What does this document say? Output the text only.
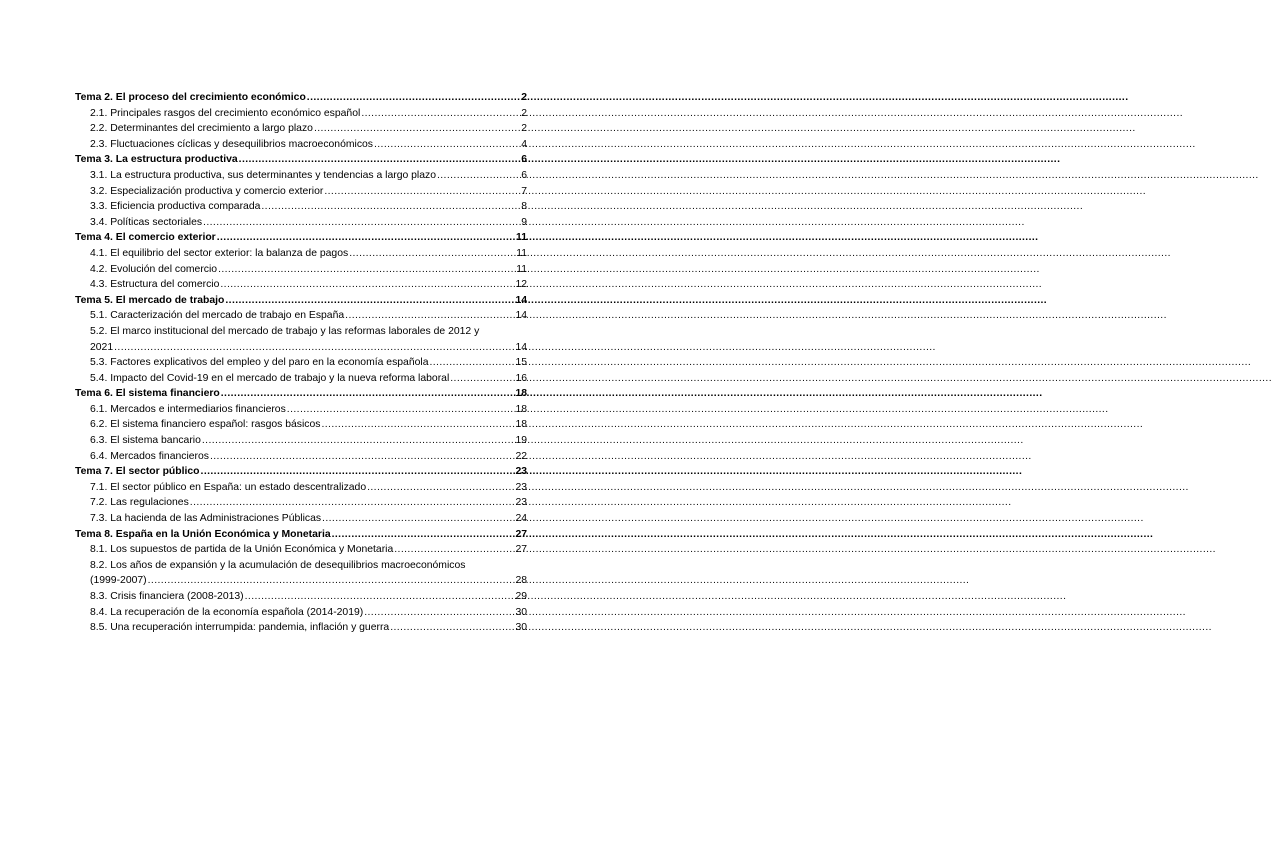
Tema 2. El proceso del crecimiento económico .....	2
2.1. Principales rasgos del crecimiento económico español .....	2
2.2. Determinantes del crecimiento a largo plazo .....	2
2.3. Fluctuaciones cíclicas y desequilibrios macroeconómicos .....	4
Tema 3. La estructura productiva .....	6
3.1. La estructura productiva, sus determinantes y tendencias a largo plazo .....	6
3.2. Especialización productiva y comercio exterior .....	7
3.3. Eficiencia productiva comparada .....	8
3.4. Políticas sectoriales .....	9
Tema 4. El comercio exterior .....	11
4.1. El equilibrio del sector exterior: la balanza de pagos .....	11
4.2. Evolución del comercio .....	11
4.3. Estructura del comercio .....	12
Tema 5. El mercado de trabajo .....	14
5.1. Caracterización del mercado de trabajo en España .....	14
5.2. El marco institucional del mercado de trabajo y las reformas laborales de 2012 y
2021 .....	14
5.3. Factores explicativos del empleo y del paro en la economía española .....	15
5.4. Impacto del Covid-19 en el mercado de trabajo y la nueva reforma laboral .....	16
Tema 6. El sistema financiero .....	18
6.1. Mercados e intermediarios financieros .....	18
6.2. El sistema financiero español: rasgos básicos .....	18
6.3. El sistema bancario .....	19
6.4. Mercados financieros .....	22
Tema 7. El sector público .....	23
7.1. El sector público en España: un estado descentralizado .....	23
7.2. Las regulaciones .....	23
7.3. La hacienda de las Administraciones Públicas .....	24
Tema 8. España en la Unión Económica y Monetaria .....	27
8.1. Los supuestos de partida de la Unión Económica y Monetaria .....	27
8.2. Los años de expansión y la acumulación de desequilibrios macroeconómicos
(1999-2007) .....	28
8.3. Crisis financiera (2008-2013) .....	29
8.4. La recuperación de la economía española (2014-2019) .....	30
8.5. Una recuperación interrumpida: pandemia, inflación y guerra .....	30
